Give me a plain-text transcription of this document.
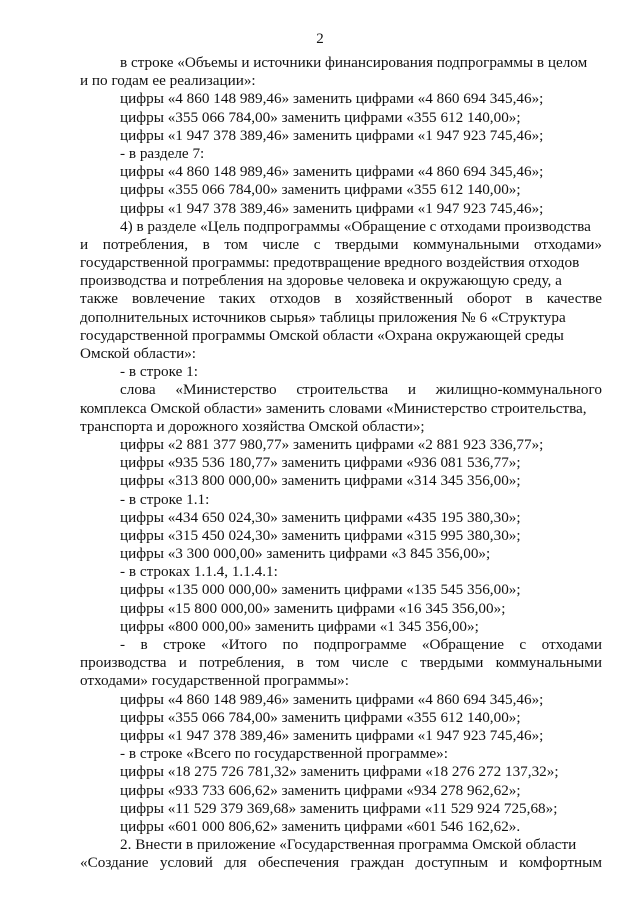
2
в строке «Объемы и источники финансирования подпрограммы в целом
и по годам ее реализации»:
цифры «4 860 148 989,46» заменить цифрами «4 860 694 345,46»;
цифры «355 066 784,00» заменить цифрами «355 612 140,00»;
цифры «1 947 378 389,46» заменить цифрами «1 947 923 745,46»;
- в разделе 7:
цифры «4 860 148 989,46» заменить цифрами «4 860 694 345,46»;
цифры «355 066 784,00» заменить цифрами «355 612 140,00»;
цифры «1 947 378 389,46» заменить цифрами «1 947 923 745,46»;
4) в разделе «Цель подпрограммы «Обращение с отходами производства
и потребления, в том числе с твердыми коммунальными отходами»
государственной программы: предотвращение вредного воздействия отходов
производства и потребления на здоровье человека и окружающую среду, а
также вовлечение таких отходов в хозяйственный оборот в качестве
дополнительных источников сырья» таблицы приложения № 6 «Структура
государственной программы Омской области «Охрана окружающей среды
Омской области»:
- в строке 1:
слова «Министерство строительства и жилищно-коммунального
комплекса Омской области» заменить словами «Министерство строительства,
транспорта и дорожного хозяйства Омской области»;
цифры «2 881 377 980,77» заменить цифрами «2 881 923 336,77»;
цифры «935 536 180,77» заменить цифрами «936 081 536,77»;
цифры «313 800 000,00» заменить цифрами «314 345 356,00»;
- в строке 1.1:
цифры «434 650 024,30» заменить цифрами «435 195 380,30»;
цифры «315 450 024,30» заменить цифрами «315 995 380,30»;
цифры «3 300 000,00» заменить цифрами «3 845 356,00»;
- в строках 1.1.4, 1.1.4.1:
цифры «135 000 000,00» заменить цифрами «135 545 356,00»;
цифры «15 800 000,00» заменить цифрами «16 345 356,00»;
цифры «800 000,00» заменить цифрами «1 345 356,00»;
- в строке «Итого по подпрограмме «Обращение с отходами
производства и потребления, в том числе с твердыми коммунальными
отходами» государственной программы»:
цифры «4 860 148 989,46» заменить цифрами «4 860 694 345,46»;
цифры «355 066 784,00» заменить цифрами «355 612 140,00»;
цифры «1 947 378 389,46» заменить цифрами «1 947 923 745,46»;
- в строке «Всего по государственной программе»:
цифры «18 275 726 781,32» заменить цифрами «18 276 272 137,32»;
цифры «933 733 606,62» заменить цифрами «934 278 962,62»;
цифры «11 529 379 369,68» заменить цифрами «11 529 924 725,68»;
цифры «601 000 806,62» заменить цифрами «601 546 162,62».
2. Внести в приложение «Государственная программа Омской области
«Создание условий для обеспечения граждан доступным и комфортным
